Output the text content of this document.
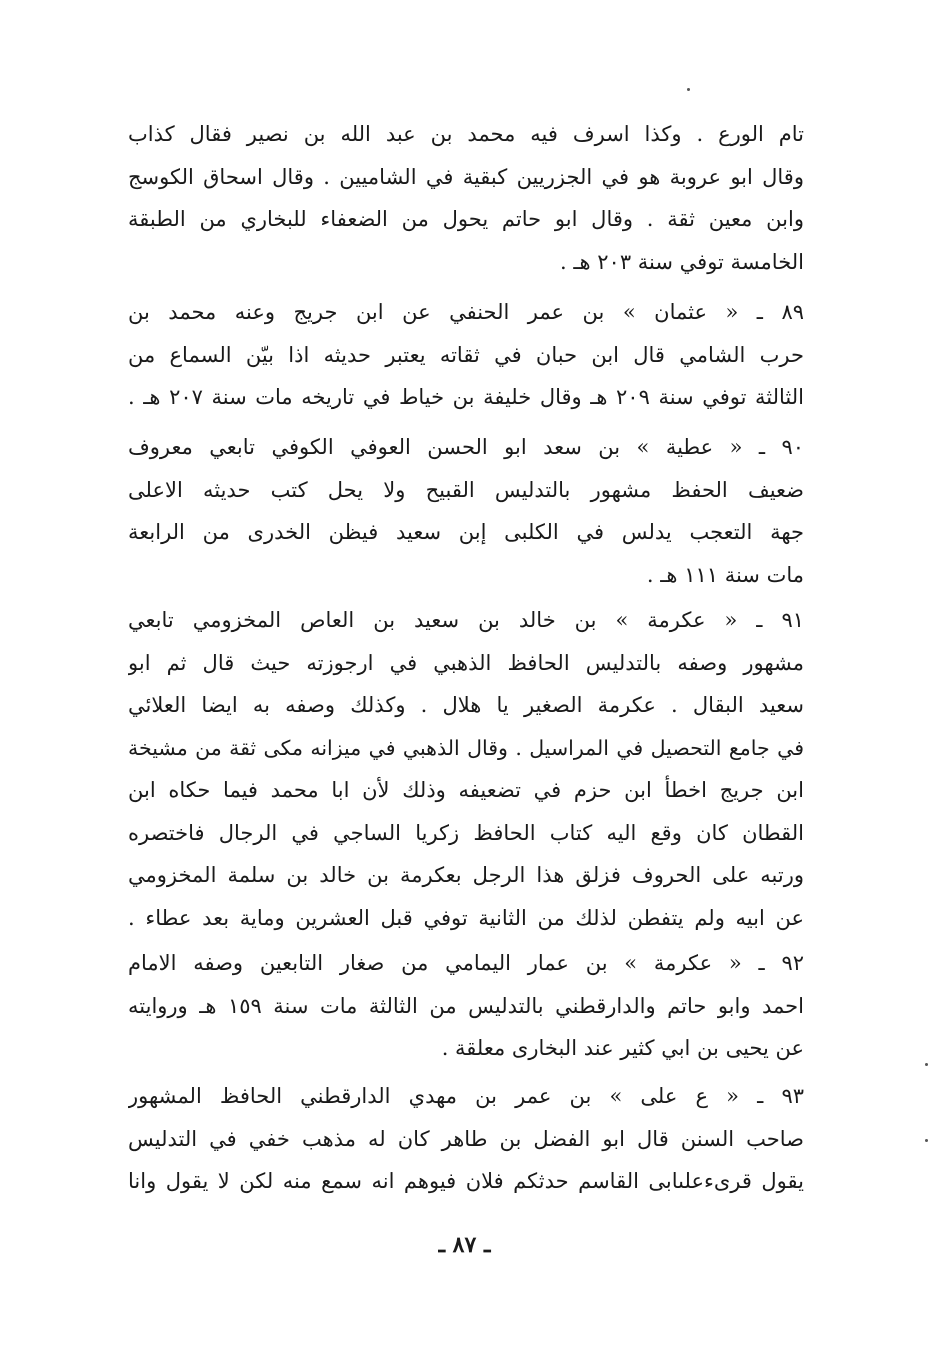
تام الورع . وكذا اسرف فيه محمد بن عبد الله بن نصير فقال كذاب
وقال ابو عروبة هو في الجزريين كبقية في الشاميين . وقال اسحاق الكوسج
وابن معين ثقة . وقال ابو حاتم يحول من الضعفاء للبخاري من الطبقة
الخامسة توفي سنة ٢٠٣ هـ .
٨٩ ـ « عثمان » بن عمر الحنفي عن ابن جريج وعنه محمد بن
حرب الشامي قال ابن حبان في ثقاته يعتبر حديثه اذا بيّن السماع من
الثالثة توفي سنة ٢٠٩ هـ وقال خليفة بن خياط في تاريخه مات سنة ٢٠٧ هـ .
٩٠ ـ « عطية » بن سعد ابو الحسن العوفي الكوفي تابعي معروف
ضعيف الحفظ مشهور بالتدليس القبيح ولا يحل كتب حديثه الاعلى
جهة التعجب يدلس في الكلبى إبن سعيد فيظن الخدرى من الرابعة
مات سنة ١١١ هـ .
٩١ ـ « عكرمة » بن خالد بن سعيد بن العاص المخزومي تابعي
مشهور وصفه بالتدليس الحافظ الذهبي في ارجوزته حيث قال ثم ابو
سعيد البقال . عكرمة الصغير يا هلال . وكذلك وصفه به ايضا العلائي
في جامع التحصيل في المراسيل . وقال الذهبي في ميزانه مكى ثقة من مشيخة
ابن جريج اخطأ ابن حزم في تضعيفه وذلك لأن ابا محمد فيما حكاه ابن
القطان كان وقع اليه كتاب الحافظ زكريا الساجي في الرجال فاختصره
ورتبه على الحروف فزلق هذا الرجل بعكرمة بن خالد بن سلمة المخزومي
عن ابيه ولم يتفطن لذلك من الثانية توفي قبل العشرين وماية بعد عطاء .
٩٢ ـ « عكرمة » بن عمار اليمامي من صغار التابعين وصفه الامام
احمد وابو حاتم والدارقطني بالتدليس من الثالثة مات سنة ١٥٩ هـ وروايته
عن يحيى بن ابي كثير عند البخارى معلقة .
٩٣ ـ « ع على » بن عمر بن مهدي الدارقطني الحافظ المشهور
صاحب السنن قال ابو الفضل بن طاهر كان له مذهب خفي في التدليس
يقول قرىءعلىابى القاسم حدثكم فلان فيوهم انه سمع منه لكن لا يقول وانا
ـ ٨٧ ـ
